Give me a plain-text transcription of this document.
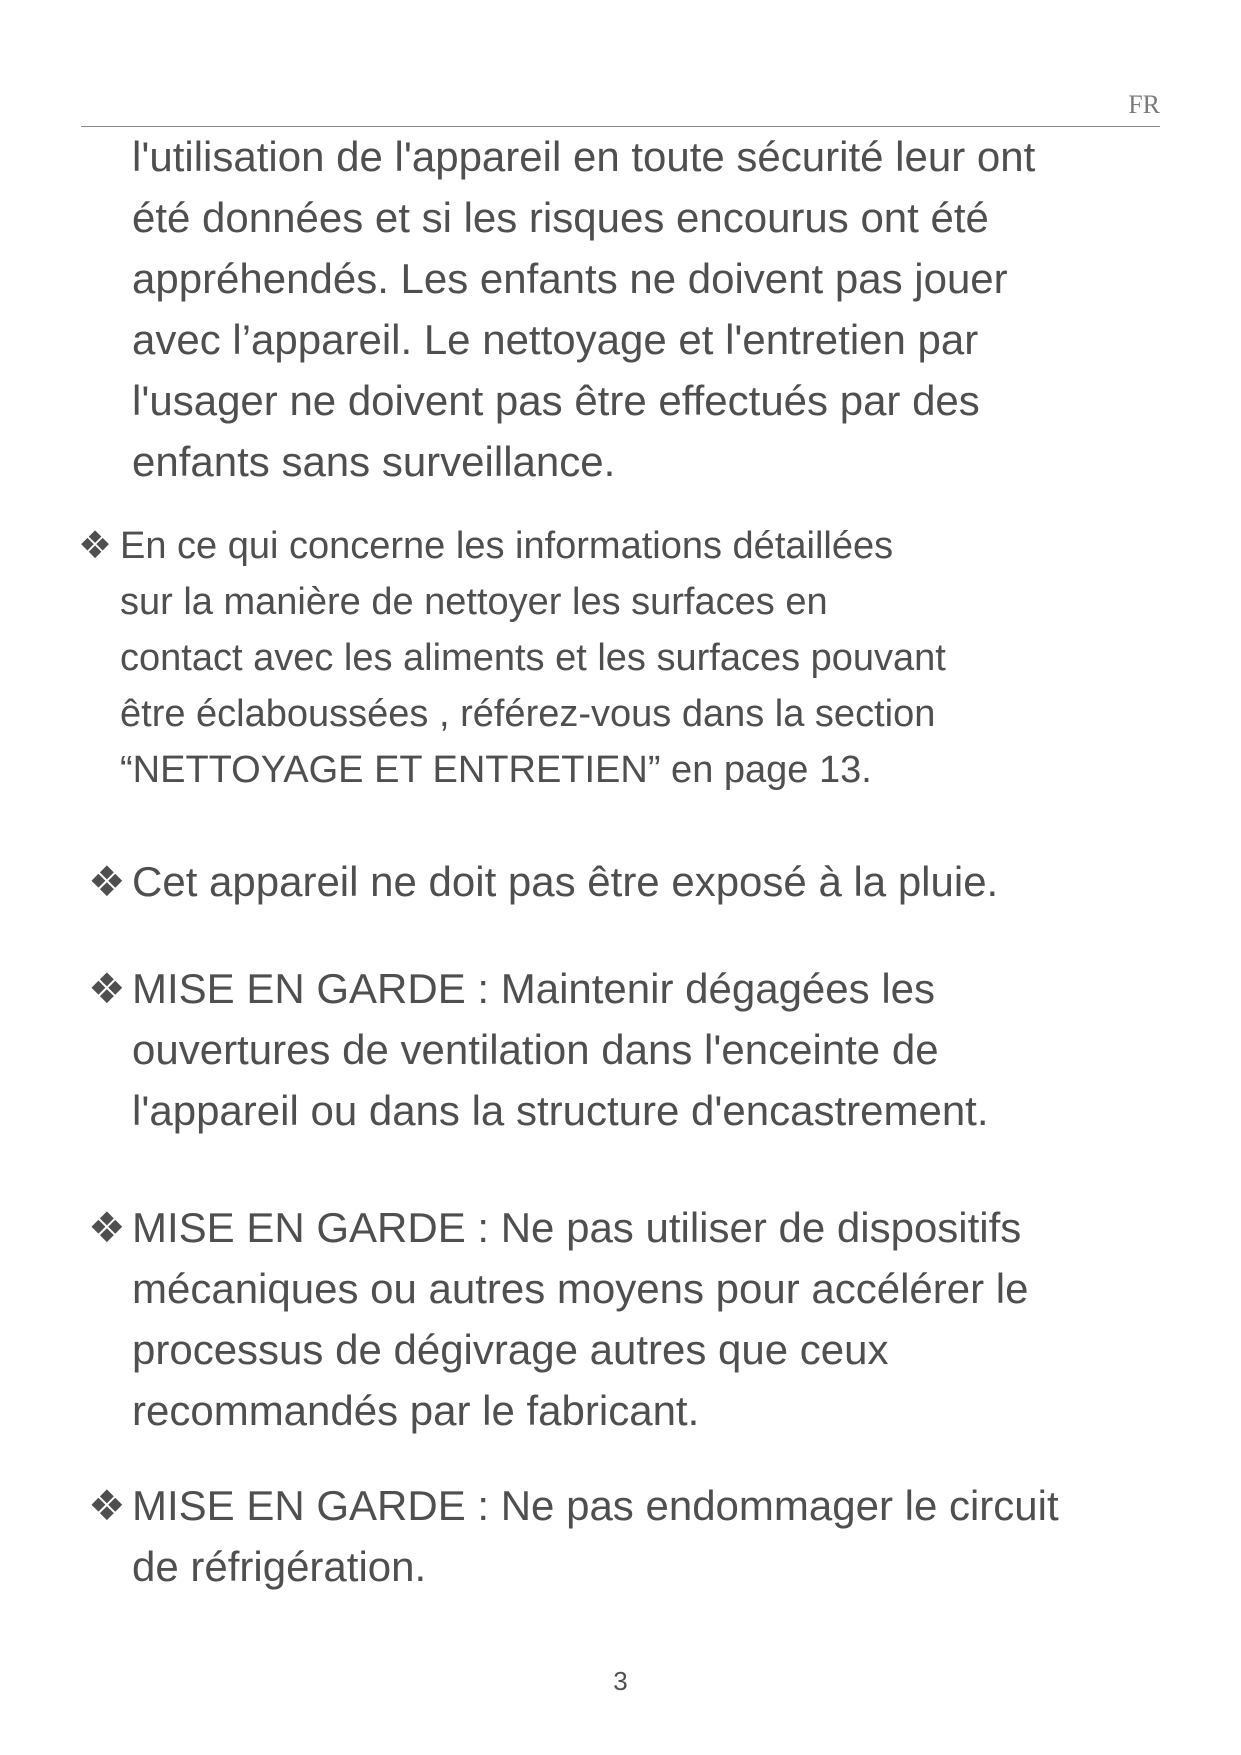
FR
l'utilisation de l'appareil en toute sécurité leur ont
été données et si les risques encourus ont été
appréhendés. Les enfants ne doivent pas jouer
avec l’appareil. Le nettoyage et l'entretien par
l'usager ne doivent pas être effectués par des
enfants sans surveillance.
❖ En ce qui concerne les informations détaillées
sur la manière de nettoyer les surfaces en
contact avec les aliments et les surfaces pouvant
être éclaboussées , référez-vous dans la section
“NETTOYAGE ET ENTRETIEN” en page 13.
❖ Cet appareil ne doit pas être exposé à la pluie.
❖ MISE EN GARDE : Maintenir dégagées les
ouvertures de ventilation dans l'enceinte de
l'appareil ou dans la structure d'encastrement.
❖ MISE EN GARDE : Ne pas utiliser de dispositifs
mécaniques ou autres moyens pour accélérer le
processus de dégivrage autres que ceux
recommandés par le fabricant.
❖ MISE EN GARDE : Ne pas endommager le circuit
de réfrigération.
3
